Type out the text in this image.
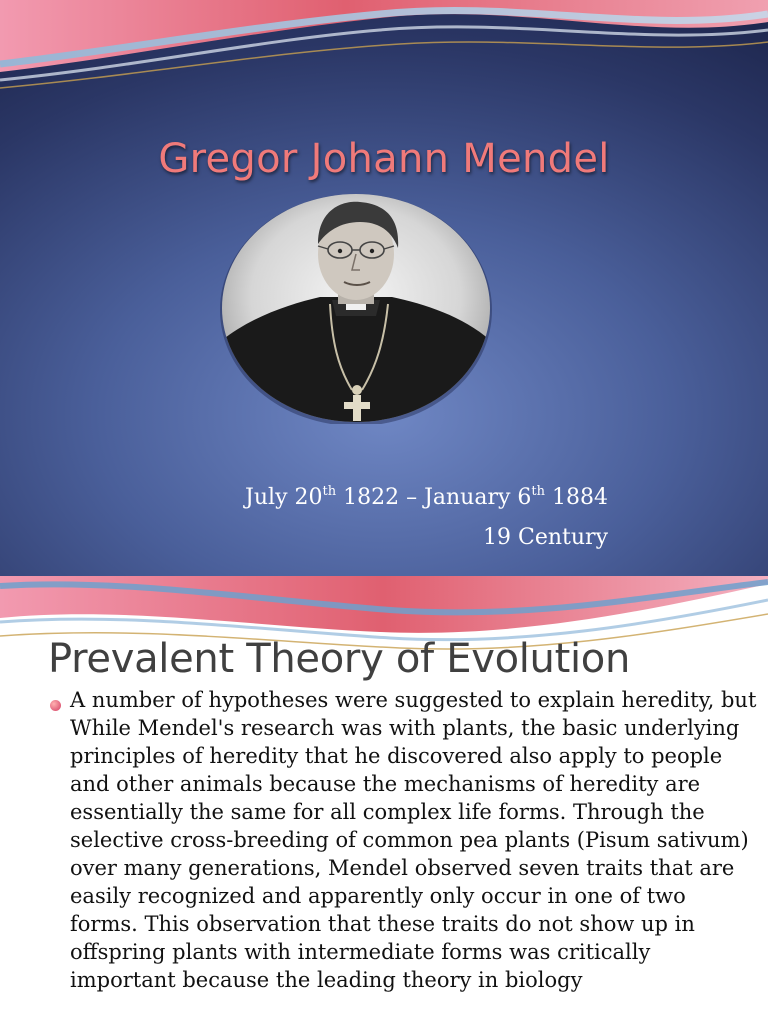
Gregor Johann Mendel
July 20th 1822 – January 6th 1884
19 Century
Prevalent Theory of Evolution
A number of hypotheses were suggested to explain heredity, but While Mendel's research was with plants, the basic underlying principles of heredity that he discovered also apply to people and other animals because the mechanisms of heredity are essentially the same for all complex life forms. Through the selective cross-breeding of common pea plants (Pisum sativum) over many generations, Mendel observed seven traits that are easily recognized and apparently only occur in one of two forms. This observation that these traits do not show up in offspring plants with intermediate forms was critically important because the leading theory in biology
